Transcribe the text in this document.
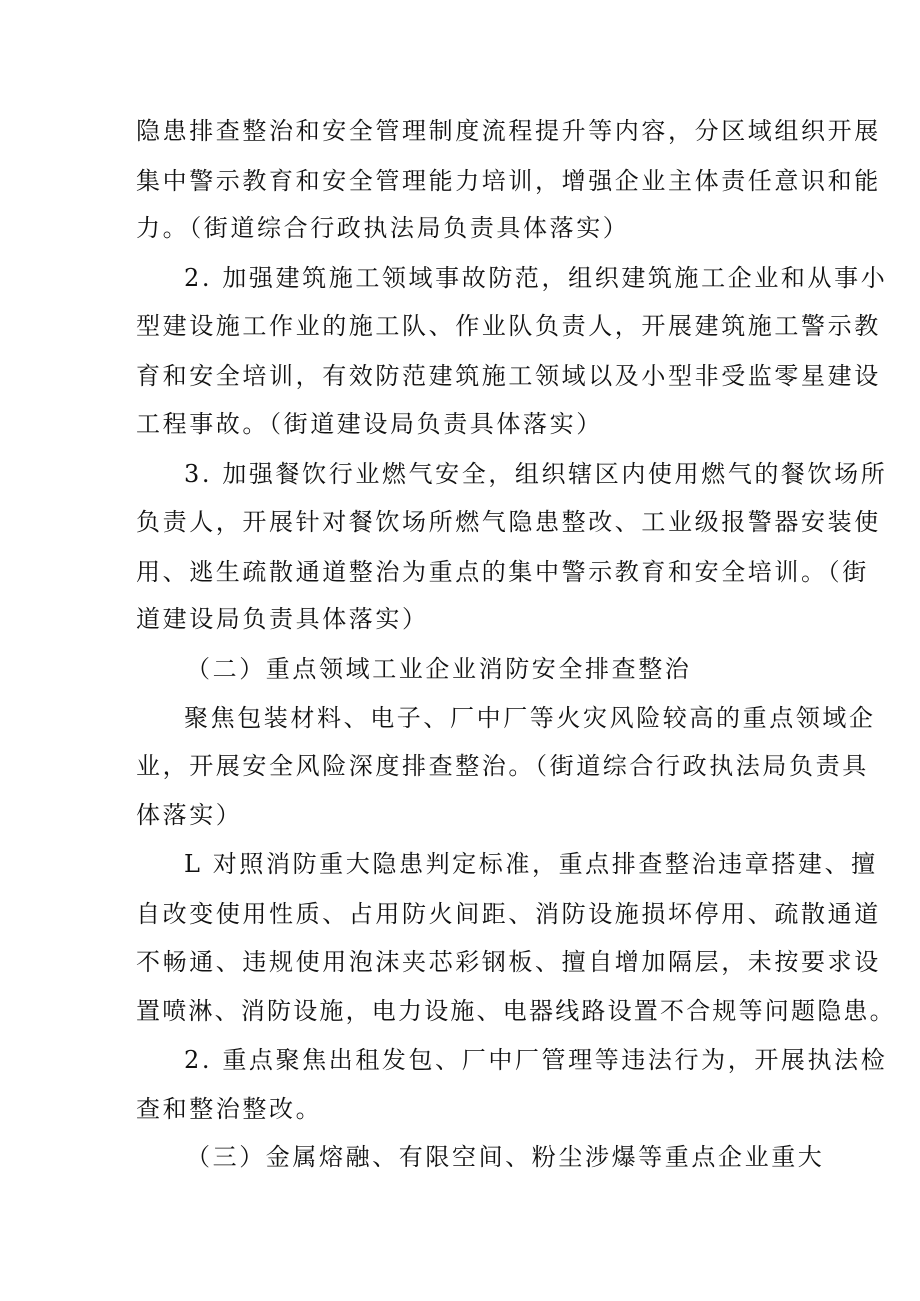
隐患排查整治和安全管理制度流程提升等内容，分区域组织开展
集中警示教育和安全管理能力培训，增强企业主体责任意识和能
力。（街道综合行政执法局负责具体落实）
2. 加强建筑施工领域事故防范，组织建筑施工企业和从事小
型建设施工作业的施工队、作业队负责人，开展建筑施工警示教
育和安全培训，有效防范建筑施工领域以及小型非受监零星建设
工程事故。（街道建设局负责具体落实）
3. 加强餐饮行业燃气安全，组织辖区内使用燃气的餐饮场所
负责人，开展针对餐饮场所燃气隐患整改、工业级报警器安装使
用、逃生疏散通道整治为重点的集中警示教育和安全培训。（街
道建设局负责具体落实）
（二）重点领域工业企业消防安全排查整治
聚焦包装材料、电子、厂中厂等火灾风险较高的重点领域企
业，开展安全风险深度排查整治。（街道综合行政执法局负责具
体落实）
L 对照消防重大隐患判定标准，重点排查整治违章搭建、擅
自改变使用性质、占用防火间距、消防设施损坏停用、疏散通道
不畅通、违规使用泡沫夹芯彩钢板、擅自增加隔层，未按要求设
置喷淋、消防设施，电力设施、电器线路设置不合规等问题隐患。
2. 重点聚焦出租发包、厂中厂管理等违法行为，开展执法检
查和整治整改。
（三）金属熔融、有限空间、粉尘涉爆等重点企业重大
